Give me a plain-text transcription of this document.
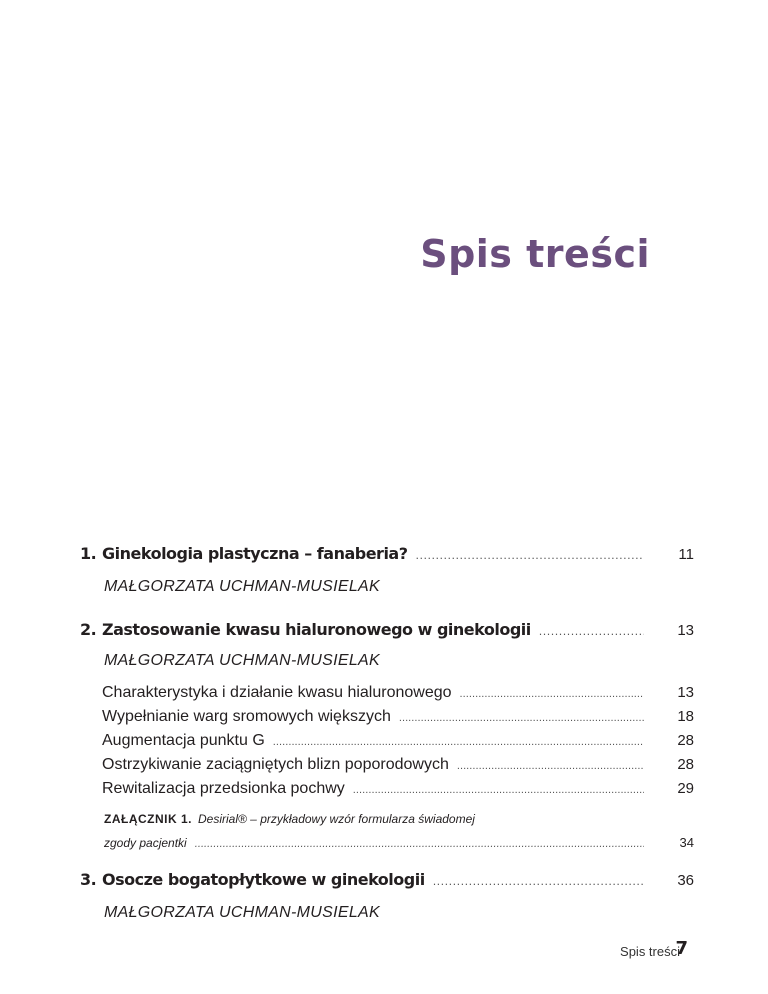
Spis treści
1. Ginekologia plastyczna – fanaberia? . . .	11
MAŁGORZATA UCHMAN-MUSIELAK
2. Zastosowanie kwasu hialuronowego w ginekologii . . .	13
MAŁGORZATA UCHMAN-MUSIELAK
Charakterystyka i działanie kwasu hialuronowego . . .	13
Wypełnianie warg sromowych większych . . .	18
Augmentacja punktu G . . .	28
Ostrzykiwanie zaciągniętych blizn poporodowych . . .	28
Rewitalizacja przedsionka pochwy . . .	29
ZAŁĄCZNIK 1. Desirial® – przykładowy wzór formularza świadomej
zgody pacjentki . . .	34
3. Osocze bogatopłytkowe w ginekologii . . .	36
MAŁGORZATA UCHMAN-MUSIELAK
Spis treści
7
